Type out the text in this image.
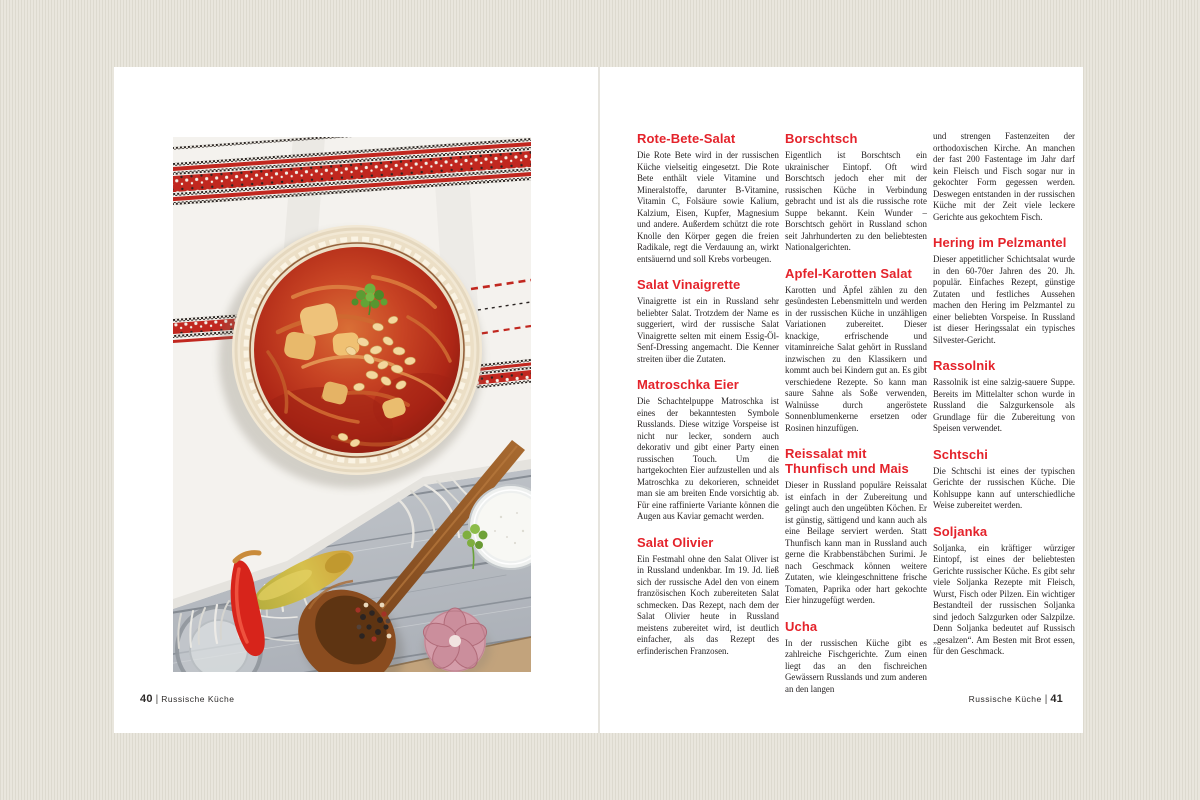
40 | Russische Küche
Rote-Bete-Salat

Die Rote Bete wird in der russischen Küche vielseitig eingesetzt. Die Rote Bete enthält viele Vitamine und Mineralstoffe, darunter B-Vitamine, Vitamin C, Folsäure sowie Kalium, Kalzium, Eisen, Kupfer, Magnesium und andere. Außerdem schützt die rote Knolle den Körper gegen die freien Radikale, regt die Verdauung an, wirkt entsäuernd und soll Krebs vorbeugen.

Salat Vinaigrette

Vinaigrette ist ein in Russland sehr beliebter Salat. Trotzdem der Name es suggeriert, wird der russische Salat Vinaigrette selten mit einem Essig-Öl-Senf-Dressing angemacht. Die Kenner streiten über die Zutaten.

Matroschka Eier

Die Schachtelpuppe Matroschka ist eines der bekanntesten Symbole Russlands. Diese witzige Vorspeise ist nicht nur lecker, sondern auch dekorativ und gibt einer Party einen russischen Touch. Um die hartgekochten Eier aufzustellen und als Matroschka zu dekorieren, schneidet man sie am breiten Ende vorsichtig ab. Für eine raffinierte Variante können die Augen aus Kaviar gemacht werden.

Salat Olivier

Ein Festmahl ohne den Salat Oliver ist in Russland undenkbar. Im 19. Jd. ließ sich der russische Adel den von einem französischen Koch zubereiteten Salat schmecken. Das Rezept, nach dem der Salat Olivier heute in Russland meistens zubereitet wird, ist deutlich einfacher, als das Rezept des erfinderischen Franzosen.

Borschtsch

Eigentlich ist Borschtsch ein ukrainischer Eintopf. Oft wird Borschtsch jedoch eher mit der russischen Küche in Verbindung gebracht und ist als die russische rote Suppe bekannt. Kein Wunder – Borschtsch gehört in Russland schon seit Jahrhunderten zu den beliebtesten Nationalgerichten.

Apfel-Karotten Salat

Karotten und Äpfel zählen zu den gesündesten Lebensmitteln und werden in der russischen Küche in unzähligen Variationen zubereitet. Dieser knackige, erfrischende und vitaminreiche Salat gehört in Russland inzwischen zu den Klassikern und kommt auch bei Kindern gut an. Es gibt verschiedene Rezepte. So kann man saure Sahne als Soße verwenden, Walnüsse durch angeröstete Sonnenblumenkerne ersetzen oder Rosinen hinzufügen.

Reissalat mit Thunfisch und Mais

Dieser in Russland populäre Reissalat ist einfach in der Zubereitung und gelingt auch den ungeübten Köchen. Er ist günstig, sättigend und kann auch als eine Beilage serviert werden. Statt Thunfisch kann man in Russland auch gerne die Krabbenstäbchen Surimi. Je nach Geschmack können weitere Zutaten, wie kleingeschnittene frische Tomaten, Paprika oder hart gekochte Eier hinzugefügt werden.

Ucha

In der russischen Küche gibt es zahlreiche Fischgerichte. Zum einen liegt das an den fischreichen Gewässern Russlands und zum anderen an den langen

und strengen Fastenzeiten der orthodoxischen Kirche. An manchen der fast 200 Fastentage im Jahr darf kein Fleisch und Fisch sogar nur in gekochter Form gegessen werden. Deswegen entstanden in der russischen Küche mit der Zeit viele leckere Gerichte aus gekochtem Fisch.

Hering im Pelzmantel

Dieser appetitlicher Schichtsalat wurde in den 60-70er Jahren des 20. Jh. populär. Einfaches Rezept, günstige Zutaten und festliches Aussehen machen den Hering im Pelzmantel zu einer beliebten Vorspeise. In Russland ist dieser Heringssalat ein typisches Silvester-Gericht.

Rassolnik

Rassolnik ist eine salzig-sauere Suppe. Bereits im Mittelalter schon wurde in Russland die Salzgurkensole als Grundlage für die Zubereitung von Speisen verwendet.

Schtschi

Die Schtschi ist eines der typischen Gerichte der russischen Küche. Die Kohlsuppe kann auf unterschiedliche Weise zubereitet werden.

Soljanka

Soljanka, ein kräftiger würziger Eintopf, ist eines der beliebtesten Gerichte russischer Küche. Es gibt sehr viele Soljanka Rezepte mit Fleisch, Wurst, Fisch oder Pilzen. Ein wichtiger Bestandteil der russischen Soljanka sind jedoch Salzgurken oder Salzpilze. Denn Soljanka bedeutet auf Russisch „gesalzen“. Am Besten mit Brot essen, für den Geschmack.

Russische Küche | 41
